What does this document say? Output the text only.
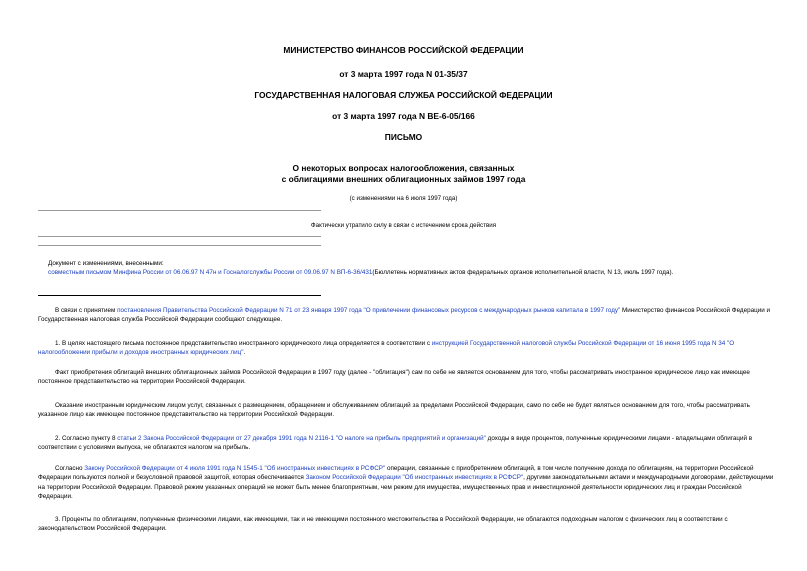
МИНИСТЕРСТВО ФИНАНСОВ РОССИЙСКОЙ ФЕДЕРАЦИИ
от 3 марта 1997 года N 01-35/37
ГОСУДАРСТВЕННАЯ НАЛОГОВАЯ СЛУЖБА РОССИЙСКОЙ ФЕДЕРАЦИИ
от 3 марта 1997 года N ВЕ-6-05/166
ПИСЬМО
О некоторых вопросах налогообложения, связанных
с облигациями внешних облигационных займов 1997 года
(с изменениями на 6 июля 1997 года)
Фактически утратило силу в связи с истечением срока действия
Документ с изменениями, внесенными:
совместным письмом Минфина России от 06.06.97 N 47н и Госналогслужбы России от 09.06.97 N ВП-6-36/431(Бюллетень нормативных актов федеральных органов исполнительной власти, N 13, июль 1997 года).
В связи с принятием постановления Правительства Российской Федерации N 71 от 23 января 1997 года "О привлечении финансовых ресурсов с международных рынков капитала в 1997 году" Министерство финансов Российской Федерации и Государственная налоговая служба Российской Федерации сообщают следующее.
1. В целях настоящего письма постоянное представительство иностранного юридического лица определяется в соответствии с инструкцией Государственной налоговой службы Российской Федерации от 16 июня 1995 года N 34 "О налогообложении прибыли и доходов иностранных юридических лиц".
Факт приобретения облигаций внешних облигационных займов Российской Федерации в 1997 году (далее - "облигация") сам по себе не является основанием для того, чтобы рассматривать иностранное юридическое лицо как имеющее постоянное представительство на территории Российской Федерации.
Оказание иностранным юридическим лицом услуг, связанных с размещением, обращением и обслуживанием облигаций за пределами Российской Федерации, само по себе не будет являться основанием для того, чтобы рассматривать указанное лицо как имеющее постоянное представительство на территории Российской Федерации.
2. Согласно пункту 8 статьи 2 Закона Российской Федерации от 27 декабря 1991 года N 2116-1 "О налоге на прибыль предприятий и организаций" доходы в виде процентов, полученные юридическими лицами - владельцами облигаций в соответствии с условиями выпуска, не облагаются налогом на прибыль.
Согласно Закону Российской Федерации от 4 июля 1991 года N 1545-1 "Об иностранных инвестициях в РСФСР" операции, связанные с приобретением облигаций, в том числе получение дохода по облигациям, на территории Российской Федерации пользуются полной и безусловной правовой защитой, которая обеспечивается Законом Российской Федерации "Об иностранных инвестициях в РСФСР", другими законодательными актами и международными договорами, действующими на территории Российской Федерации. Правовой режим указанных операций не может быть менее благоприятным, чем режим для имущества, имущественных прав и инвестиционной деятельности юридических лиц и граждан Российской Федерации.
3. Проценты по облигациям, полученные физическими лицами, как имеющими, так и не имеющими постоянного местожительства в Российской Федерации, не облагаются подоходным налогом с физических лиц в соответствии с законодательством Российской Федерации.
